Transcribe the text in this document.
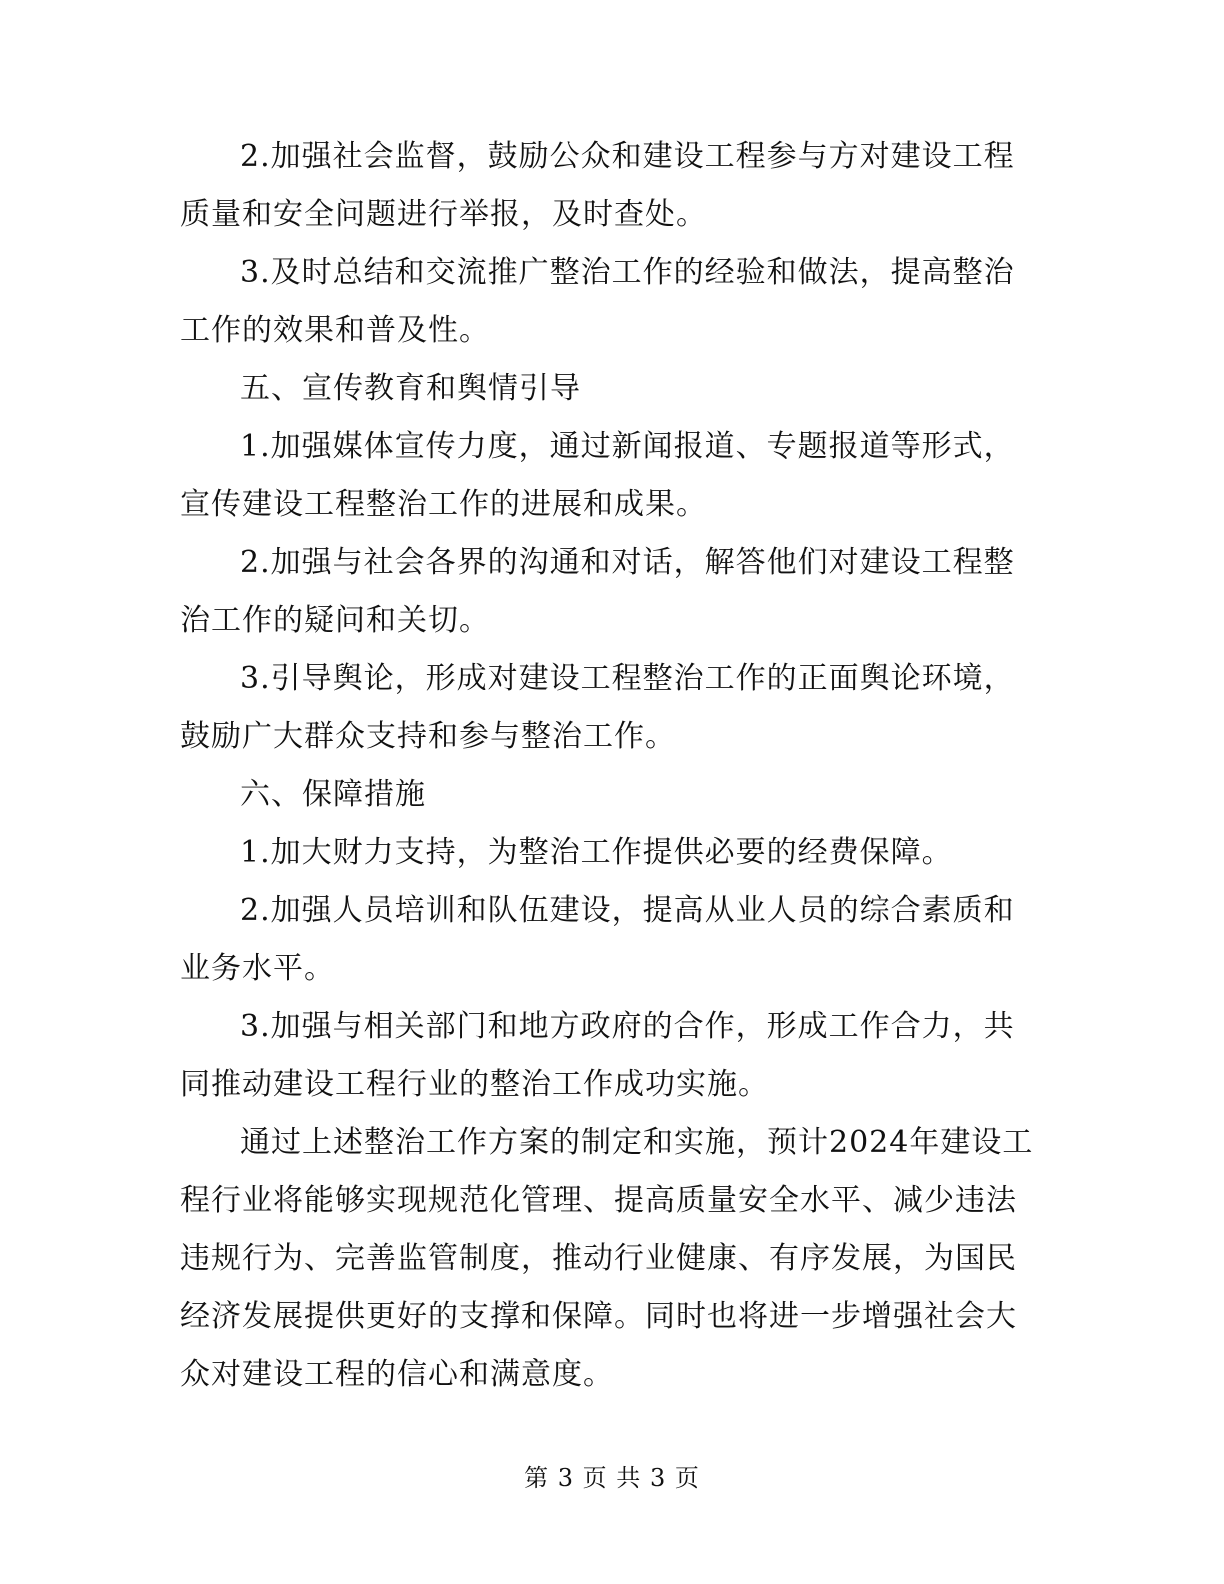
2.加强社会监督，鼓励公众和建设工程参与方对建设工程质量和安全问题进行举报，及时查处。

3.及时总结和交流推广整治工作的经验和做法，提高整治工作的效果和普及性。

五、宣传教育和舆情引导

1.加强媒体宣传力度，通过新闻报道、专题报道等形式，宣传建设工程整治工作的进展和成果。

2.加强与社会各界的沟通和对话，解答他们对建设工程整治工作的疑问和关切。

3.引导舆论，形成对建设工程整治工作的正面舆论环境，鼓励广大群众支持和参与整治工作。

六、保障措施

1.加大财力支持，为整治工作提供必要的经费保障。

2.加强人员培训和队伍建设，提高从业人员的综合素质和业务水平。

3.加强与相关部门和地方政府的合作，形成工作合力，共同推动建设工程行业的整治工作成功实施。

通过上述整治工作方案的制定和实施，预计2024年建设工程行业将能够实现规范化管理、提高质量安全水平、减少违法违规行为、完善监管制度，推动行业健康、有序发展，为国民经济发展提供更好的支撑和保障。同时也将进一步增强社会大众对建设工程的信心和满意度。

第 3 页 共 3 页
